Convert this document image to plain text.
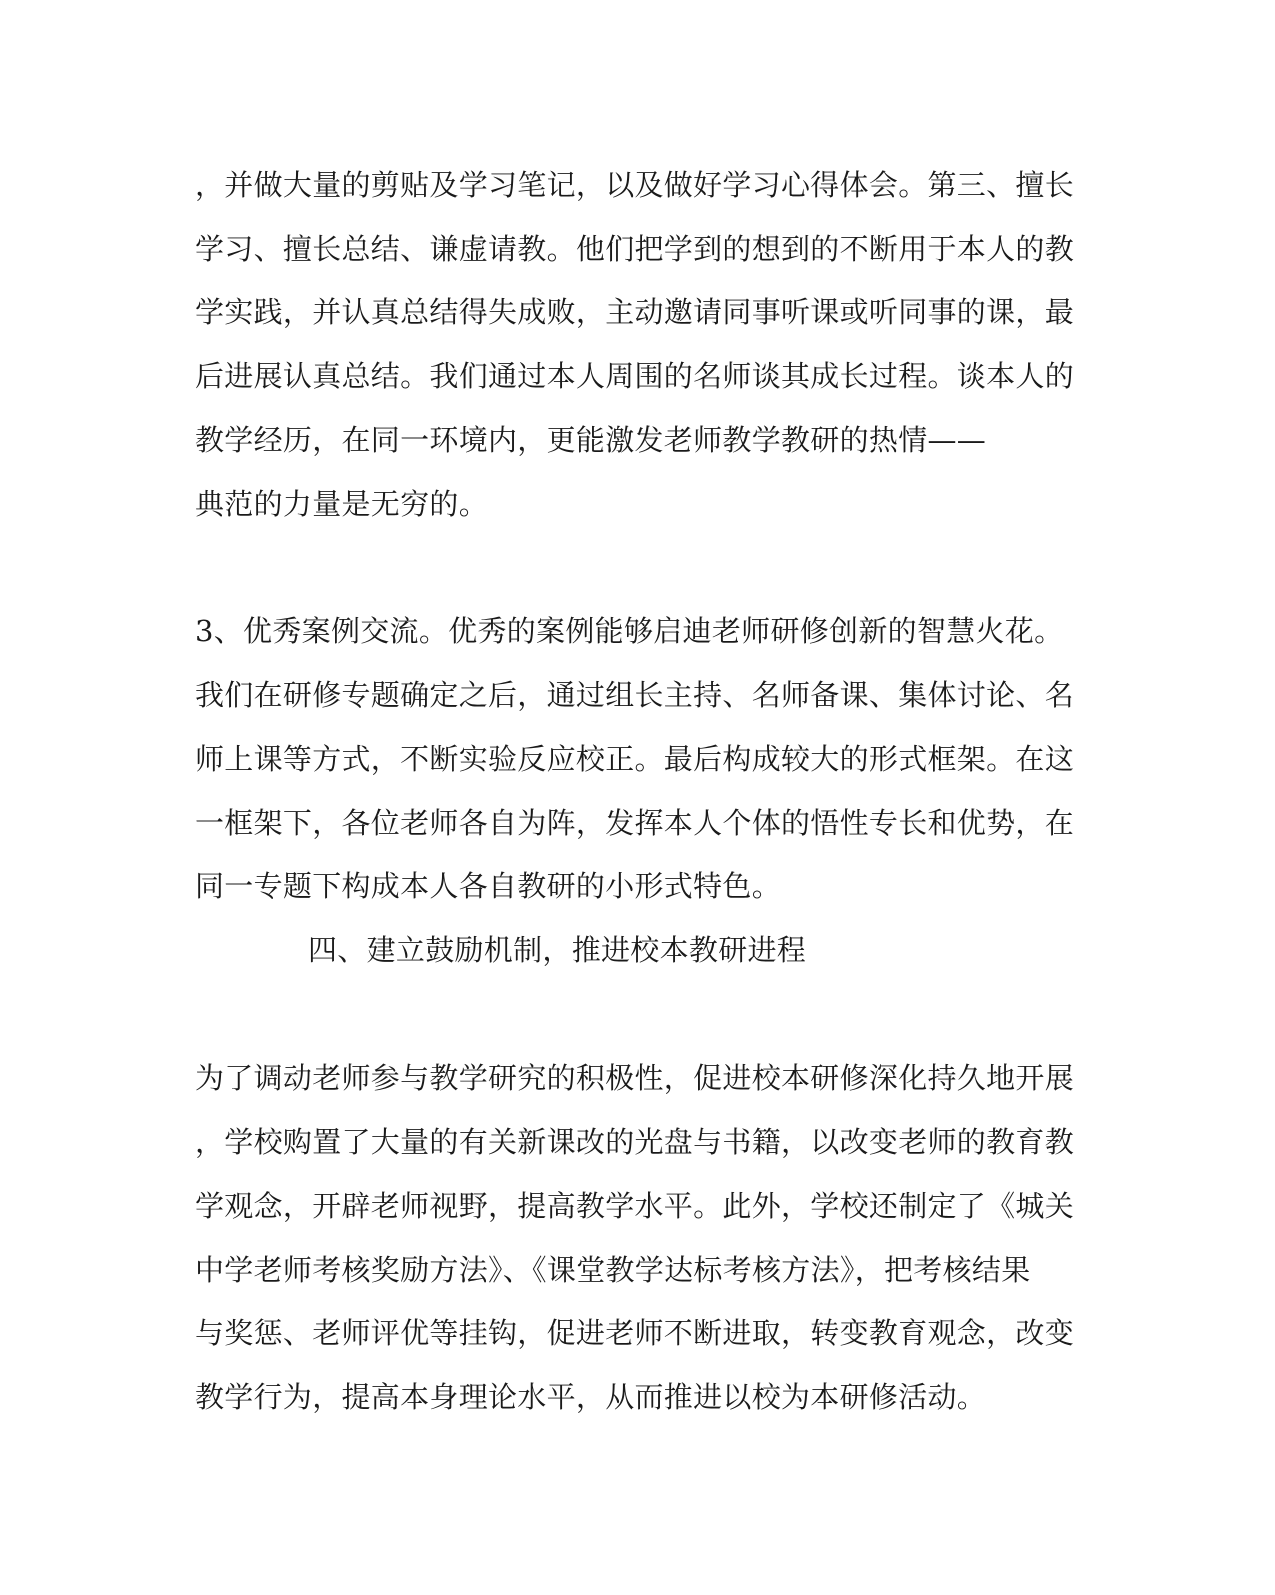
，并做大量的剪贴及学习笔记，以及做好学习心得体会。第三、擅长
学习、擅长总结、谦虚请教。他们把学到的想到的不断用于本人的教
学实践，并认真总结得失成败，主动邀请同事听课或听同事的课，最
后进展认真总结。我们通过本人周围的名师谈其成长过程。谈本人的
教学经历，在同一环境内，更能激发老师教学教研的热情——
典范的力量是无穷的。
3、优秀案例交流。优秀的案例能够启迪老师研修创新的智慧火花。
我们在研修专题确定之后，通过组长主持、名师备课、集体讨论、名
师上课等方式，不断实验反应校正。最后构成较大的形式框架。在这
一框架下，各位老师各自为阵，发挥本人个体的悟性专长和优势，在
同一专题下构成本人各自教研的小形式特色。
四、建立鼓励机制，推进校本教研进程
为了调动老师参与教学研究的积极性，促进校本研修深化持久地开展
，学校购置了大量的有关新课改的光盘与书籍，以改变老师的教育教
学观念，开辟老师视野，提高教学水平。此外，学校还制定了《城关
中学老师考核奖励方法》、《课堂教学达标考核方法》，把考核结果
与奖惩、老师评优等挂钩，促进老师不断进取，转变教育观念，改变
教学行为，提高本身理论水平，从而推进以校为本研修活动。
